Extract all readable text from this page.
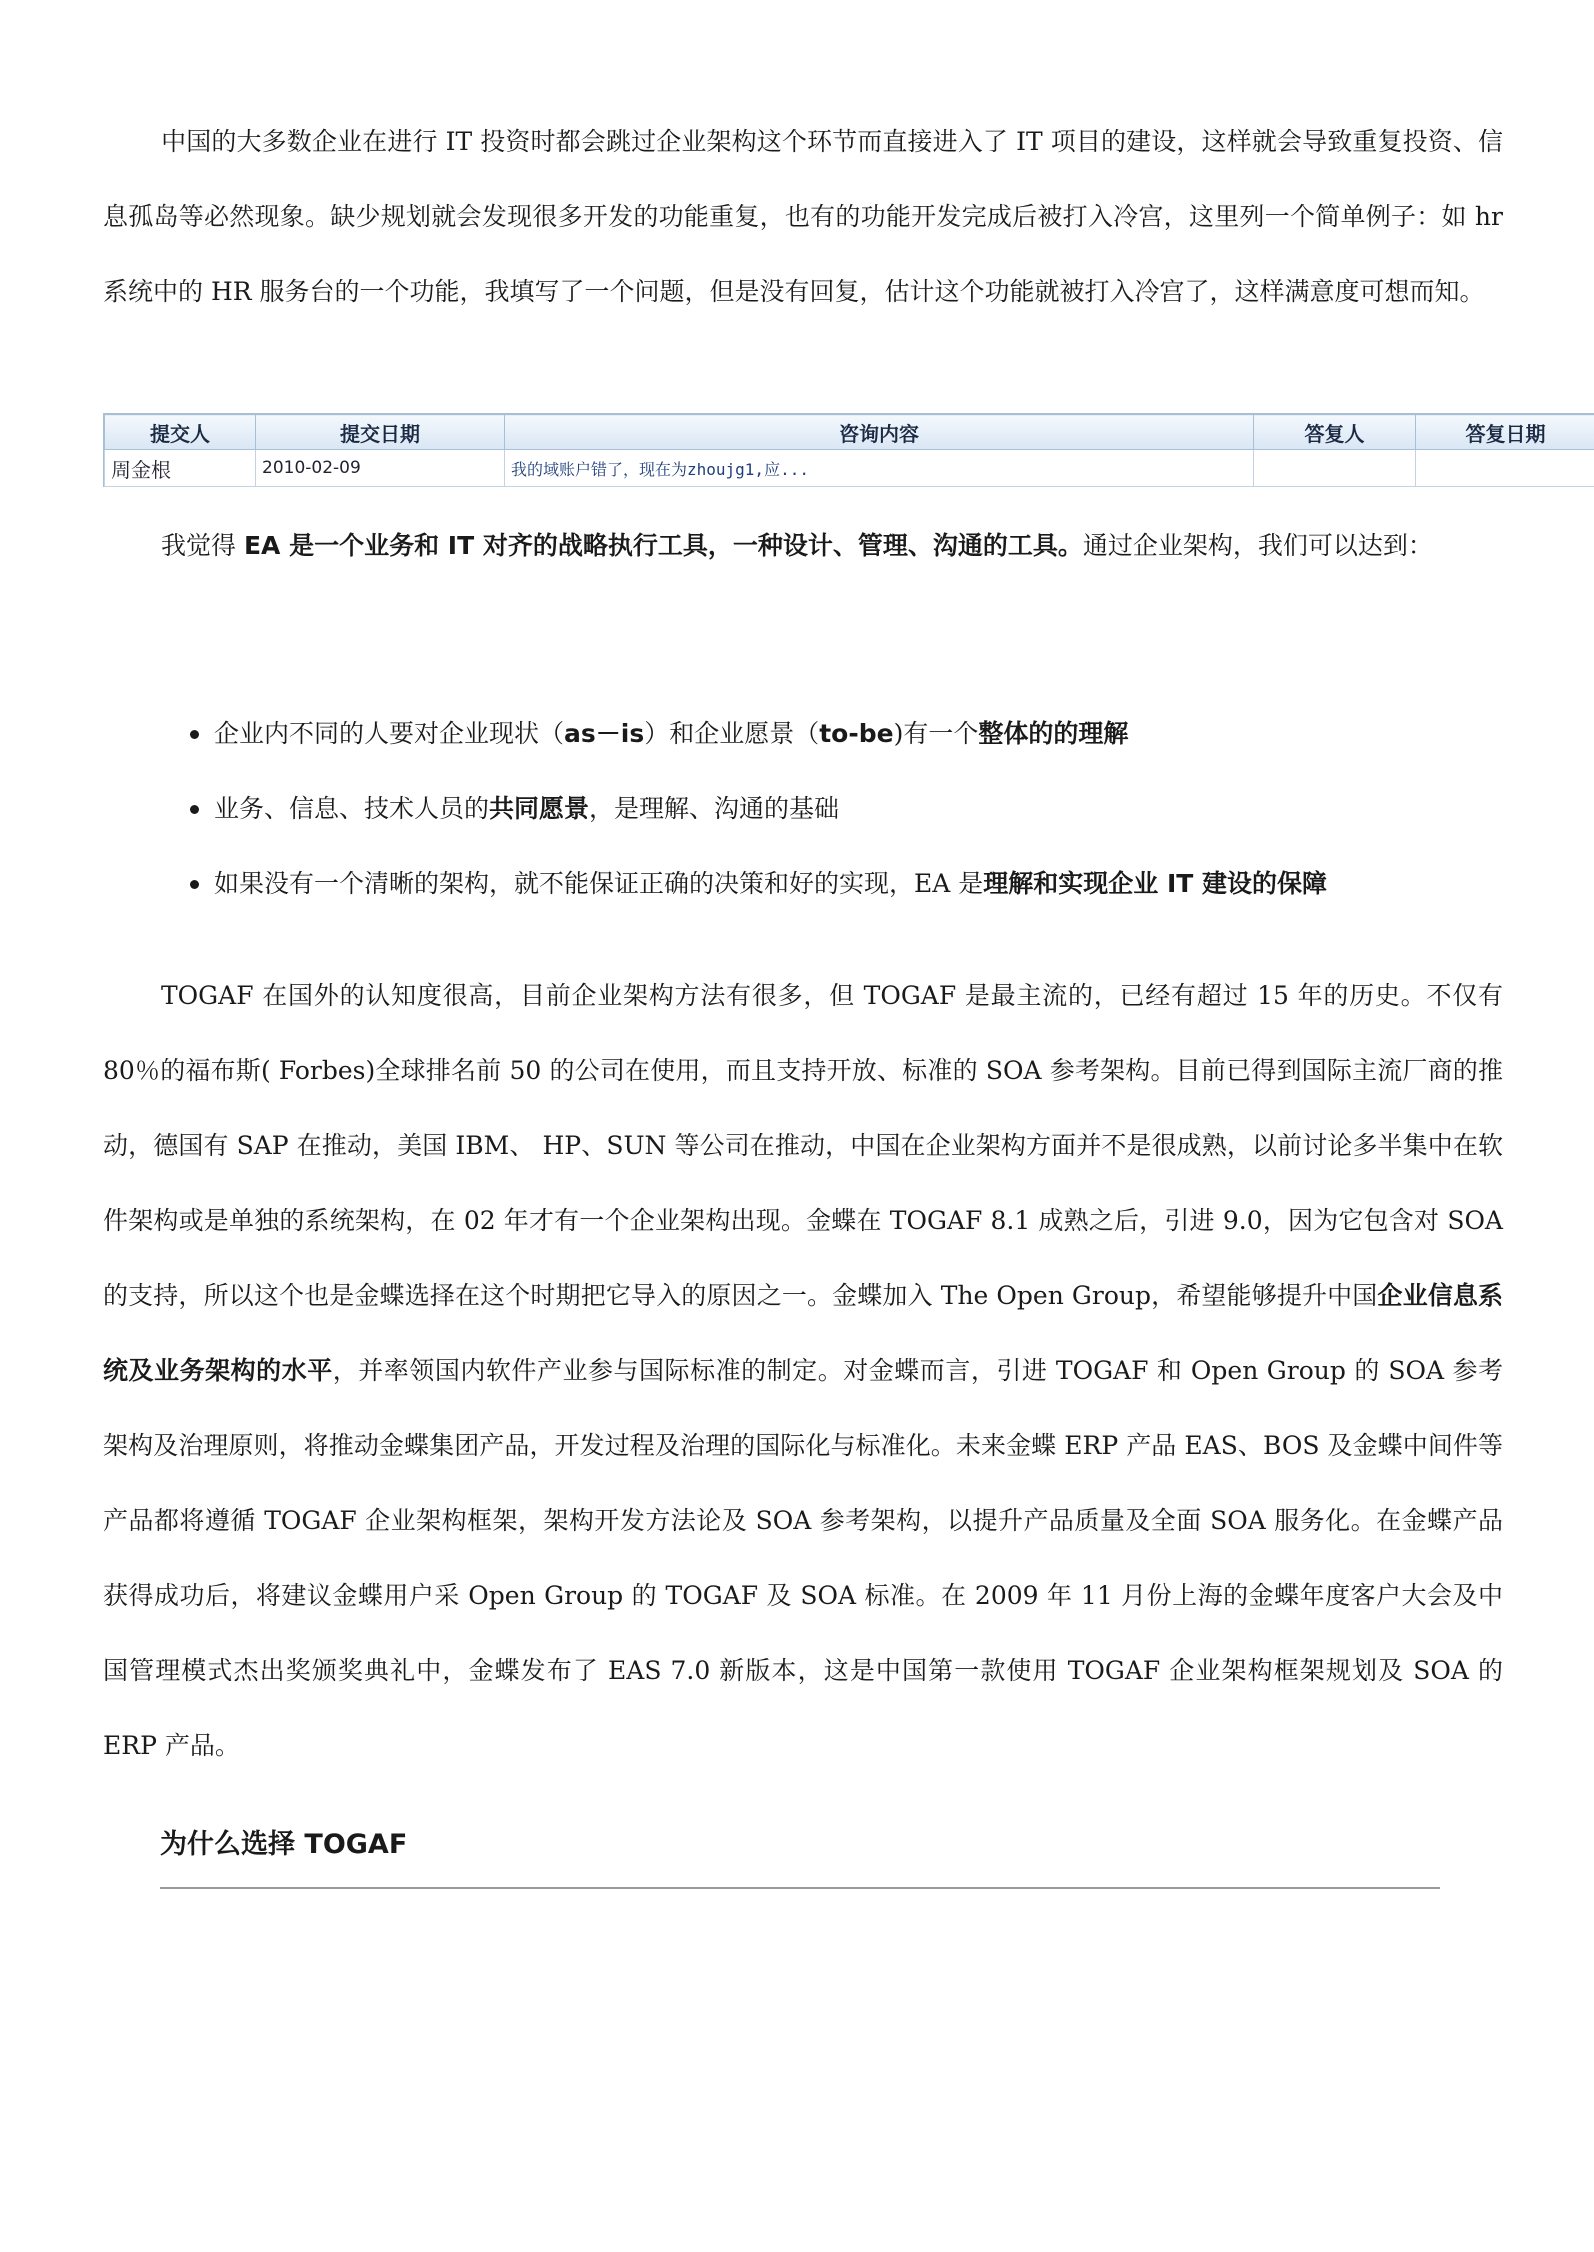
中国的大多数企业在进行 IT 投资时都会跳过企业架构这个环节而直接进入了 IT 项目的建设，这样就会导致重复投资、信息孤岛等必然现象。缺少规划就会发现很多开发的功能重复，也有的功能开发完成后被打入冷宫，这里列一个简单例子：如 hr 系统中的 HR 服务台的一个功能，我填写了一个问题，但是没有回复，估计这个功能就被打入冷宫了，这样满意度可想而知。

提交人	提交日期	咨询内容	答复人	答复日期
周金根	2010-02-09	我的域账户错了，现在为zhoujg1,应...		

我觉得 EA 是一个业务和 IT 对齐的战略执行工具，一种设计、管理、沟通的工具。通过企业架构，我们可以达到：

企业内不同的人要对企业现状（as－is）和企业愿景（to-be)有一个整体的的理解
业务、信息、技术人员的共同愿景，是理解、沟通的基础
如果没有一个清晰的架构，就不能保证正确的决策和好的实现，EA 是理解和实现企业 IT 建设的保障

TOGAF 在国外的认知度很高，目前企业架构方法有很多，但 TOGAF 是最主流的，已经有超过 15 年的历史。不仅有 80％的福布斯( Forbes)全球排名前 50 的公司在使用，而且支持开放、标准的 SOA 参考架构。目前已得到国际主流厂商的推动，德国有 SAP 在推动，美国 IBM、 HP、SUN 等公司在推动，中国在企业架构方面并不是很成熟，以前讨论多半集中在软件架构或是单独的系统架构，在 02 年才有一个企业架构出现。金蝶在 TOGAF 8.1 成熟之后，引进 9.0，因为它包含对 SOA 的支持，所以这个也是金蝶选择在这个时期把它导入的原因之一。金蝶加入 The Open Group，希望能够提升中国企业信息系统及业务架构的水平，并率领国内软件产业参与国际标准的制定。对金蝶而言，引进 TOGAF 和 Open Group 的 SOA 参考架构及治理原则，将推动金蝶集团产品，开发过程及治理的国际化与标准化。未来金蝶 ERP 产品 EAS、BOS 及金蝶中间件等产品都将遵循 TOGAF 企业架构框架，架构开发方法论及 SOA 参考架构，以提升产品质量及全面 SOA 服务化。在金蝶产品获得成功后，将建议金蝶用户采 Open Group 的 TOGAF 及 SOA 标准。在 2009 年 11 月份上海的金蝶年度客户大会及中国管理模式杰出奖颁奖典礼中，金蝶发布了 EAS 7.0 新版本，这是中国第一款使用 TOGAF 企业架构框架规划及 SOA 的 ERP 产品。

为什么选择 TOGAF
